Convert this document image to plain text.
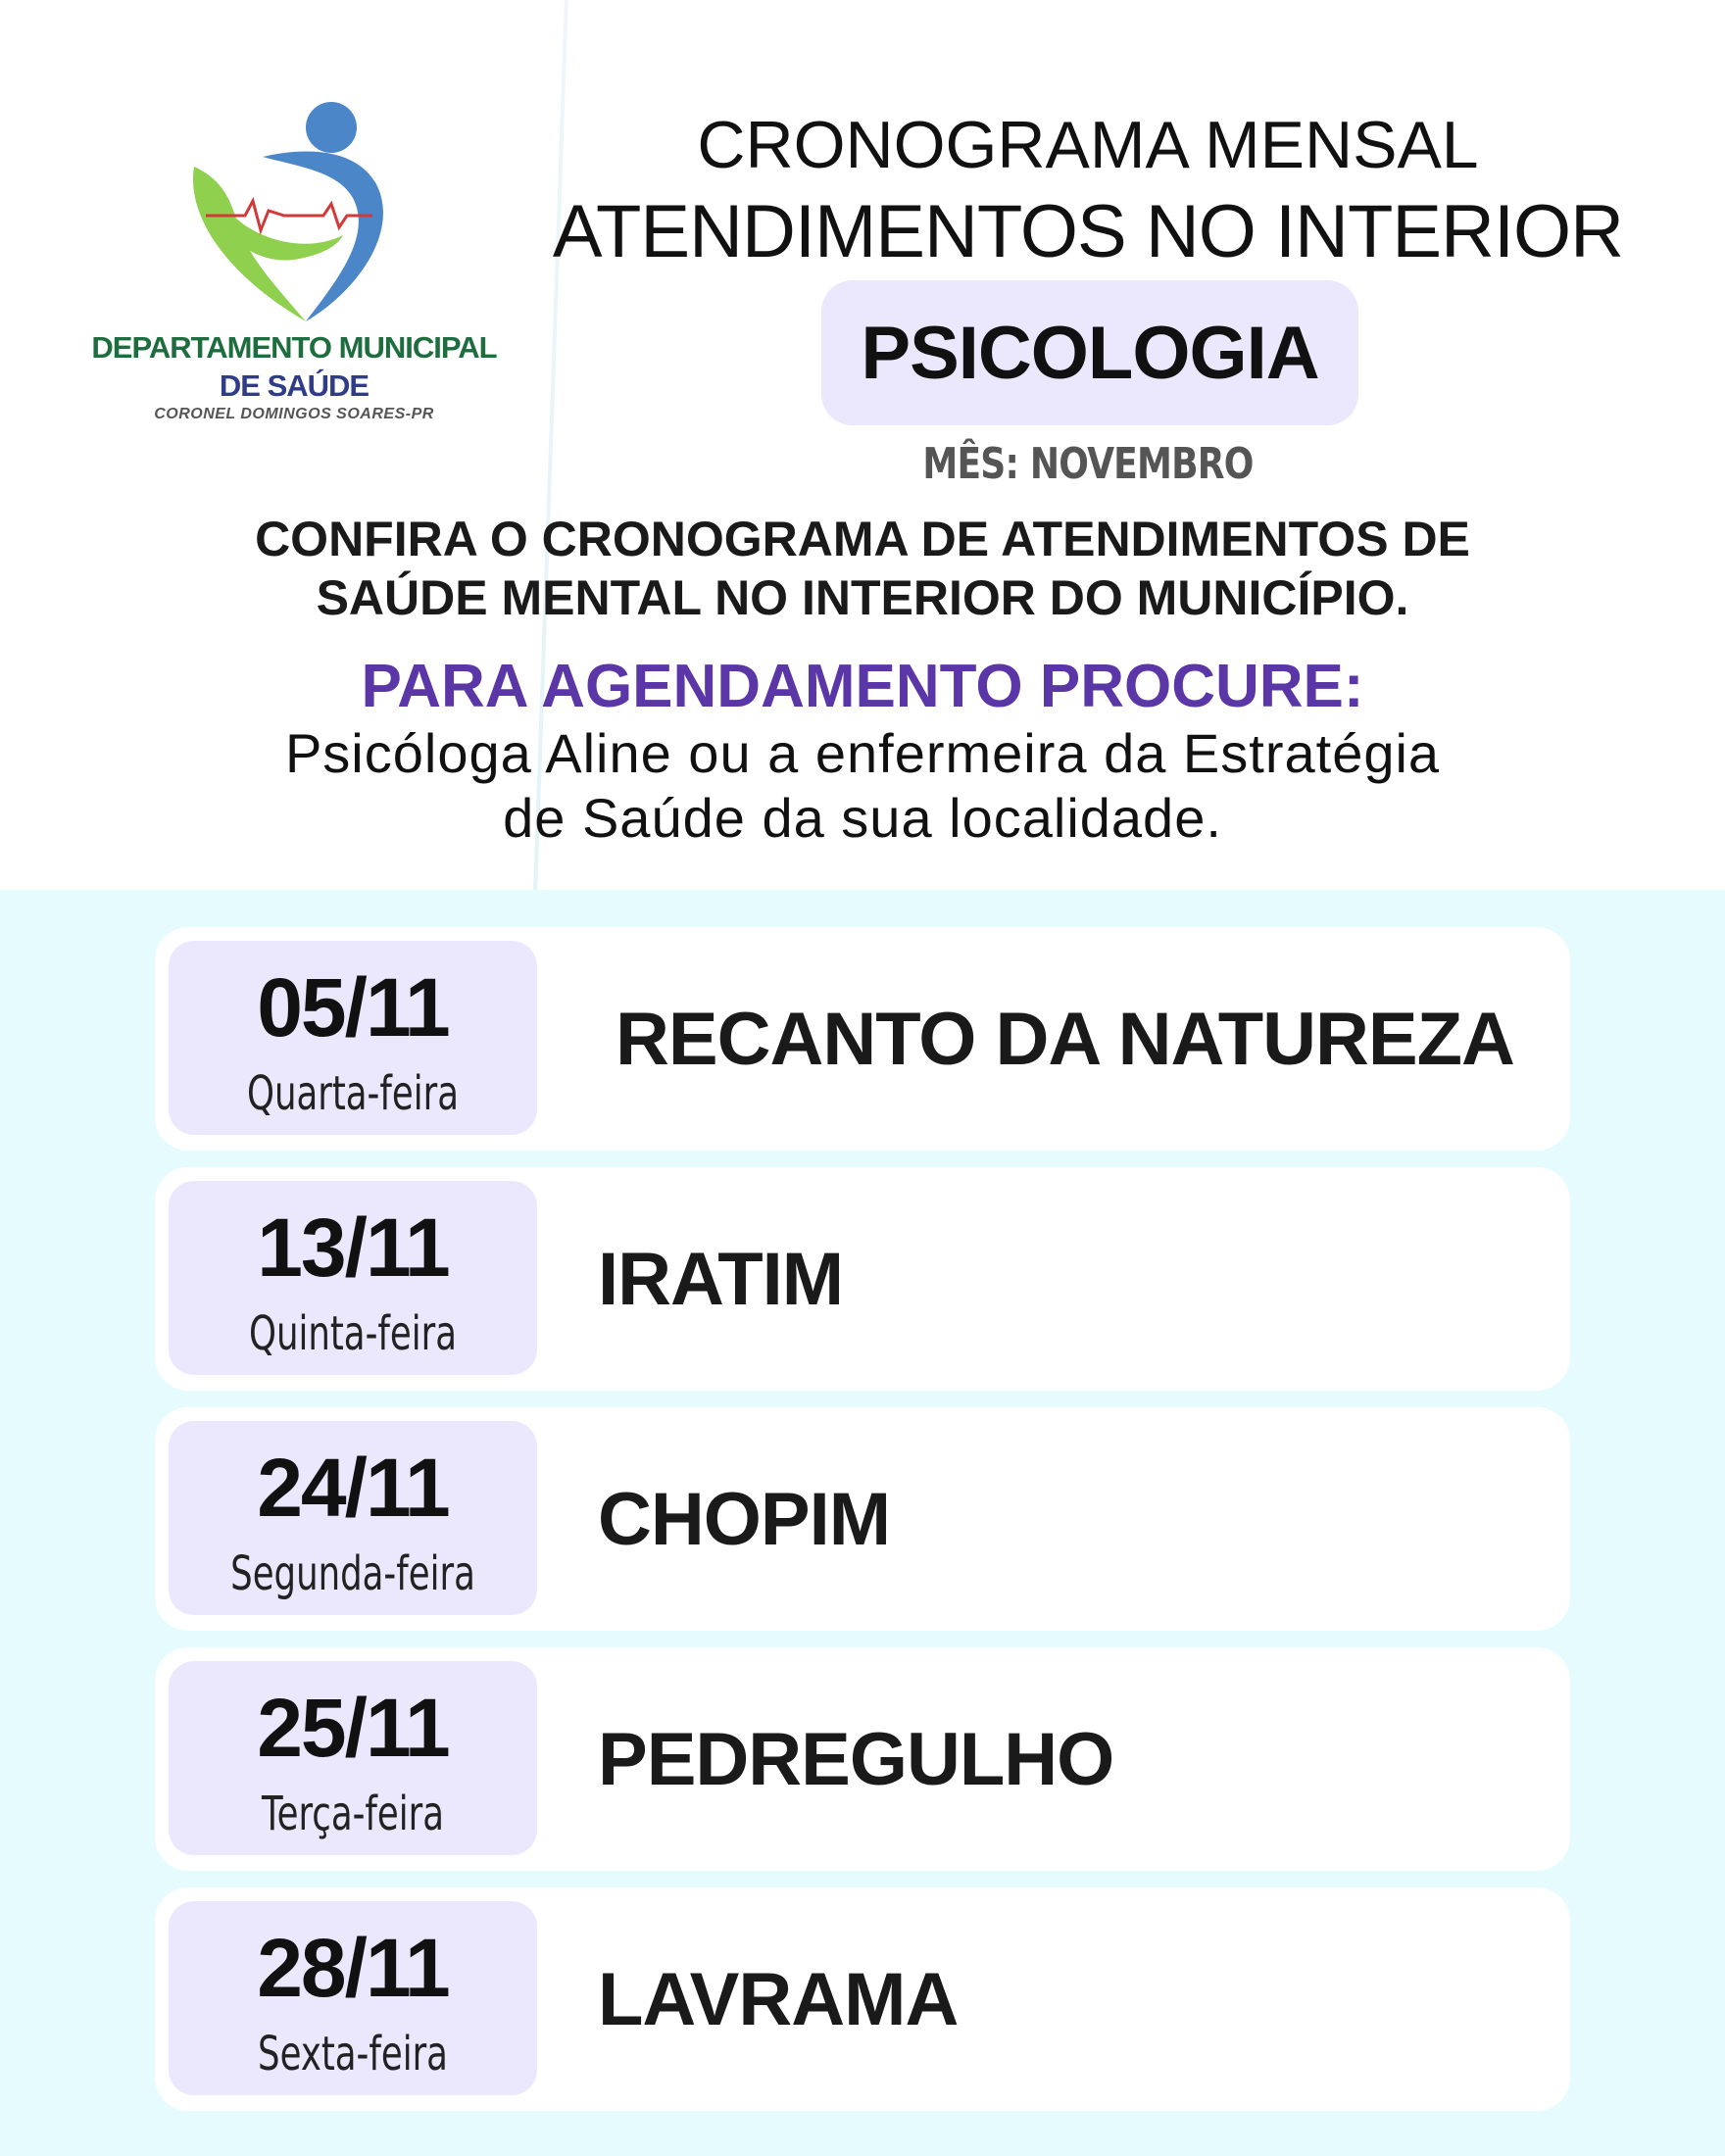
DEPARTAMENTO MUNICIPAL
DE SAÚDE
CORONEL DOMINGOS SOARES-PR
CRONOGRAMA MENSAL
ATENDIMENTOS NO INTERIOR
PSICOLOGIA
MÊS: NOVEMBRO
CONFIRA O CRONOGRAMA DE ATENDIMENTOS DE
SAÚDE MENTAL NO INTERIOR DO MUNICÍPIO.
PARA AGENDAMENTO PROCURE:
Psicóloga Aline ou a enfermeira da Estratégia
de Saúde da sua localidade.
05/11
Quarta-feira
RECANTO DA NATUREZA
13/11
Quinta-feira
IRATIM
24/11
Segunda-feira
CHOPIM
25/11
Terça-feira
PEDREGULHO
28/11
Sexta-feira
LAVRAMA
